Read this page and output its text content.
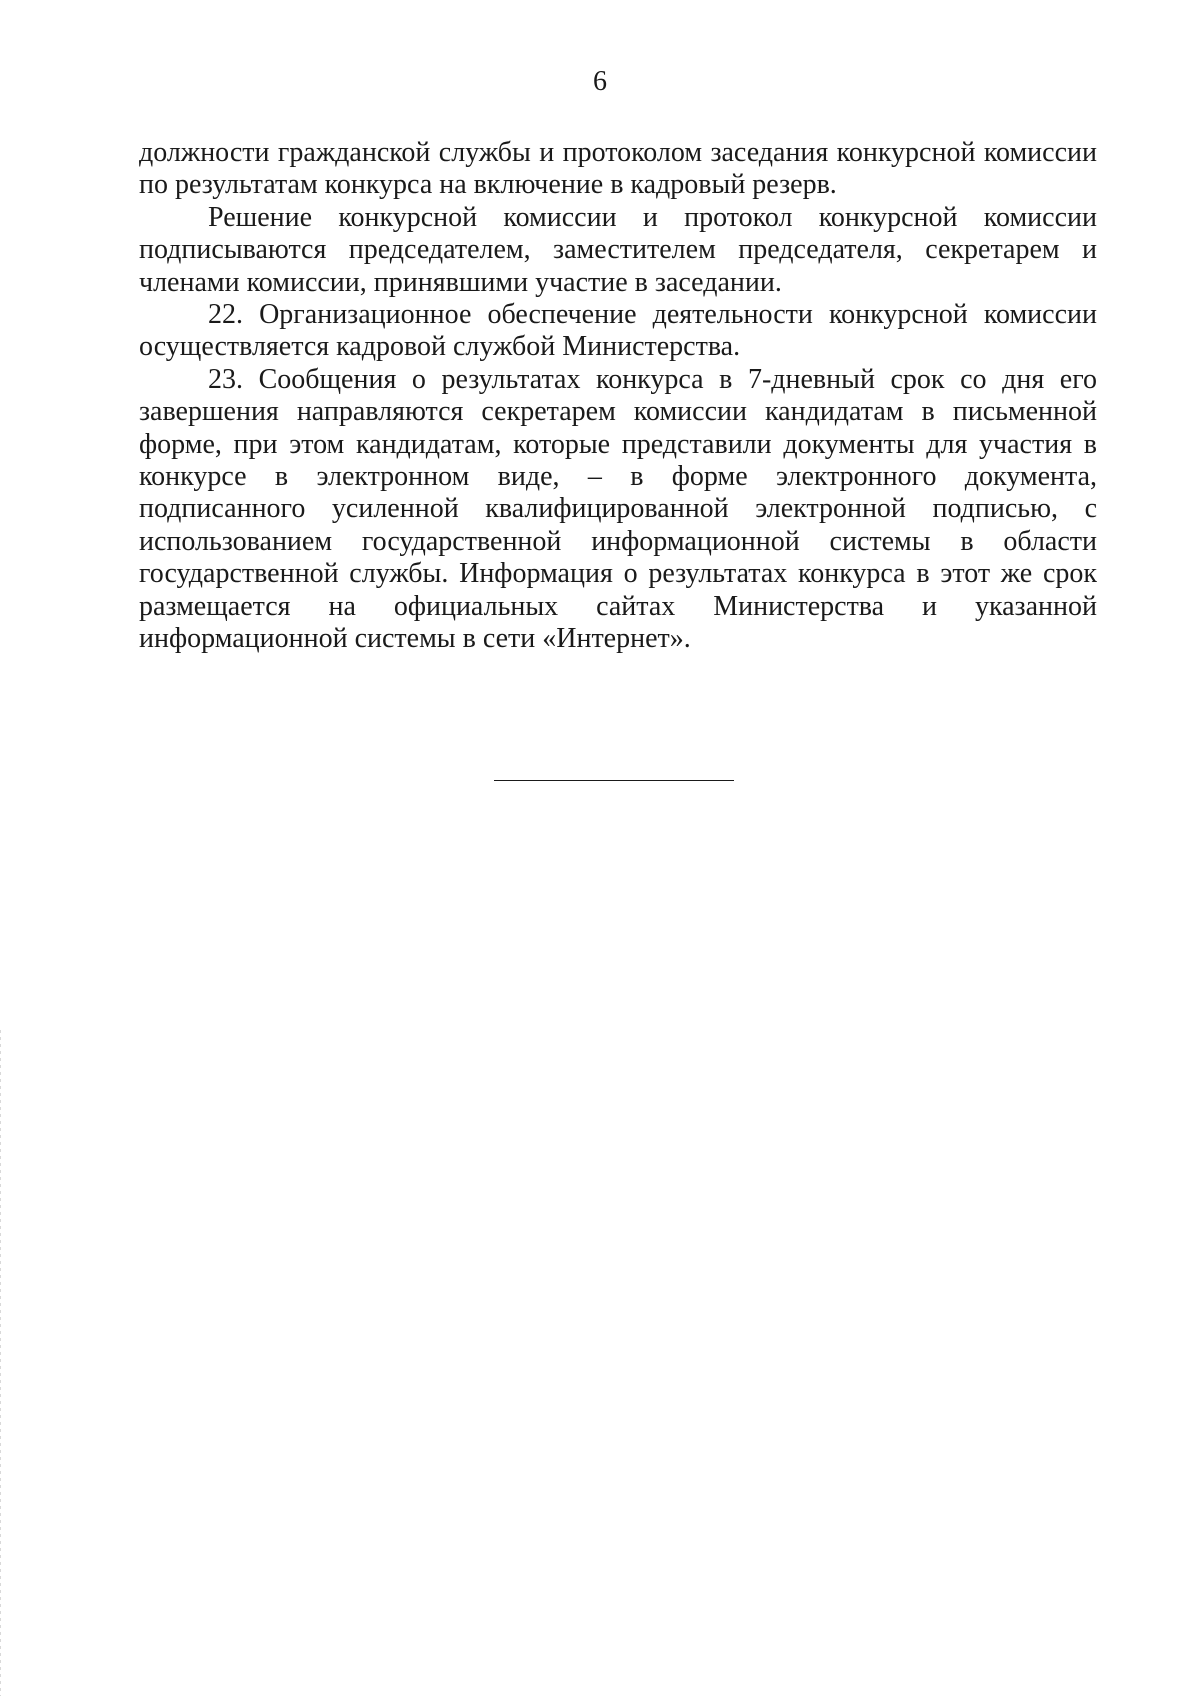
6

должности гражданской службы и протоколом заседания конкурсной комиссии по результатам конкурса на включение в кадровый резерв.

Решение конкурсной комиссии и протокол конкурсной комиссии подписываются председателем, заместителем председателя, секретарем и членами комиссии, принявшими участие в заседании.

22. Организационное обеспечение деятельности конкурсной комиссии осуществляется кадровой службой Министерства.

23. Сообщения о результатах конкурса в 7-дневный срок со дня его завершения направляются секретарем комиссии кандидатам в письменной форме, при этом кандидатам, которые представили документы для участия в конкурсе в электронном виде, – в форме электронного документа, подписанного усиленной квалифицированной электронной подписью, с использованием государственной информационной системы в области государственной службы. Информация о результатах конкурса в этот же срок размещается на официальных сайтах Министерства и указанной информационной системы в сети «Интернет».
